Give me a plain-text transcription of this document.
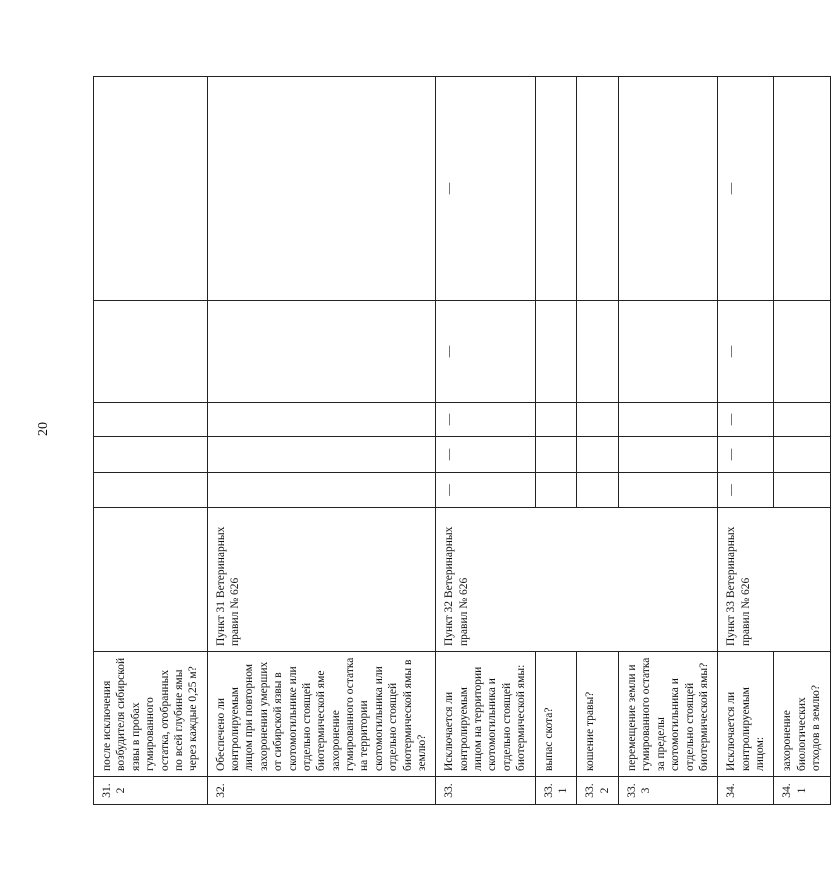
20
31.2	после исключения возбудителя сибирской язвы в пробах гумированного остатка, отобранных по всей глубине ямы через каждые 0,25 м?						
32.	Обеспечено ли контролируемым лицом при повторном захоронении умерших от сибирской язвы в скотомогильнике или отдельно стоящей биотермической яме захоронение гумированного остатка на территории скотомогильника или отдельно стоящей биотермической ямы в землю?	Пункт 31 Ветеринарных правил № 626					
33.	Исключается ли контролируемым лицом на территории скотомогильника и отдельно стоящей биотермической ямы:	Пункт 32 Ветеринарных правил № 626	—	—	—	—	—
33.1	выпас скота?						
33.2	кошение травы?						
33.3	перемещение земли и гумированного остатка за пределы скотомогильника и отдельно стоящей биотермической ямы?						
34.	Исключается ли контролируемым лицом:	Пункт 33 Ветеринарных правил № 626	—	—	—	—	—
34.1	захоронение биологических отходов в землю?						
